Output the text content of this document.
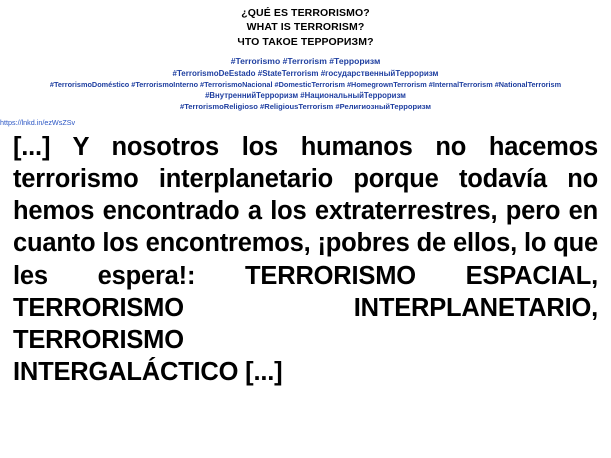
¿QUÉ ES TERRORISMO?
WHAT IS TERRORISM?
ЧТО ТАКОЕ ТЕРРОРИЗМ?
#Terrorismo #Terrorism #Терроризм
#TerrorismoDeEstado #StateTerrorism #государственныйТерроризм
#TerrorismoDoméstico #TerrorismoInterno #TerrorismoNacional #DomesticTerrorism #HomegrownTerrorism #InternalTerrorism #NationalTerrorism
#ВнутреннийТерроризм #НациональныйТерроризм
#TerrorismoReligioso #ReligiousTerrorism #РелигиозныйТерроризм
https://lnkd.in/ezWsZSv
[...] Y nosotros los humanos no hacemos terrorismo interplanetario porque todavía no hemos encontrado a los extraterrestres, pero en cuanto los encontremos, ¡pobres de ellos, lo que les espera!: TERRORISMO ESPACIAL, TERRORISMO INTERPLANETARIO, TERRORISMO
INTERGALÁCTICO [...]
